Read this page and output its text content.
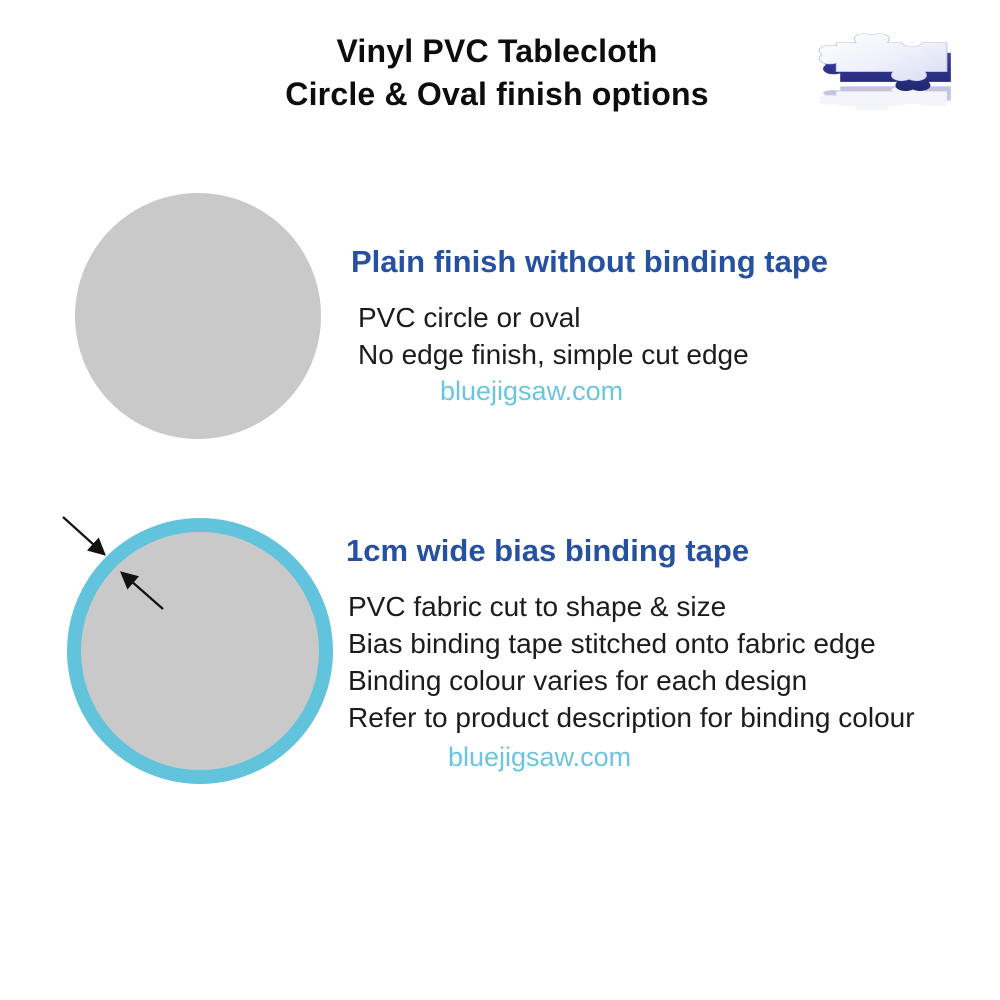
Vinyl PVC Tablecloth
Circle & Oval finish options
Plain finish without binding tape
PVC circle or oval
No edge finish, simple cut edge
bluejigsaw.com
1cm wide bias binding tape
PVC fabric cut to shape & size
Bias binding tape stitched onto fabric edge
Binding colour varies for each design
Refer to product description for binding colour
bluejigsaw.com
